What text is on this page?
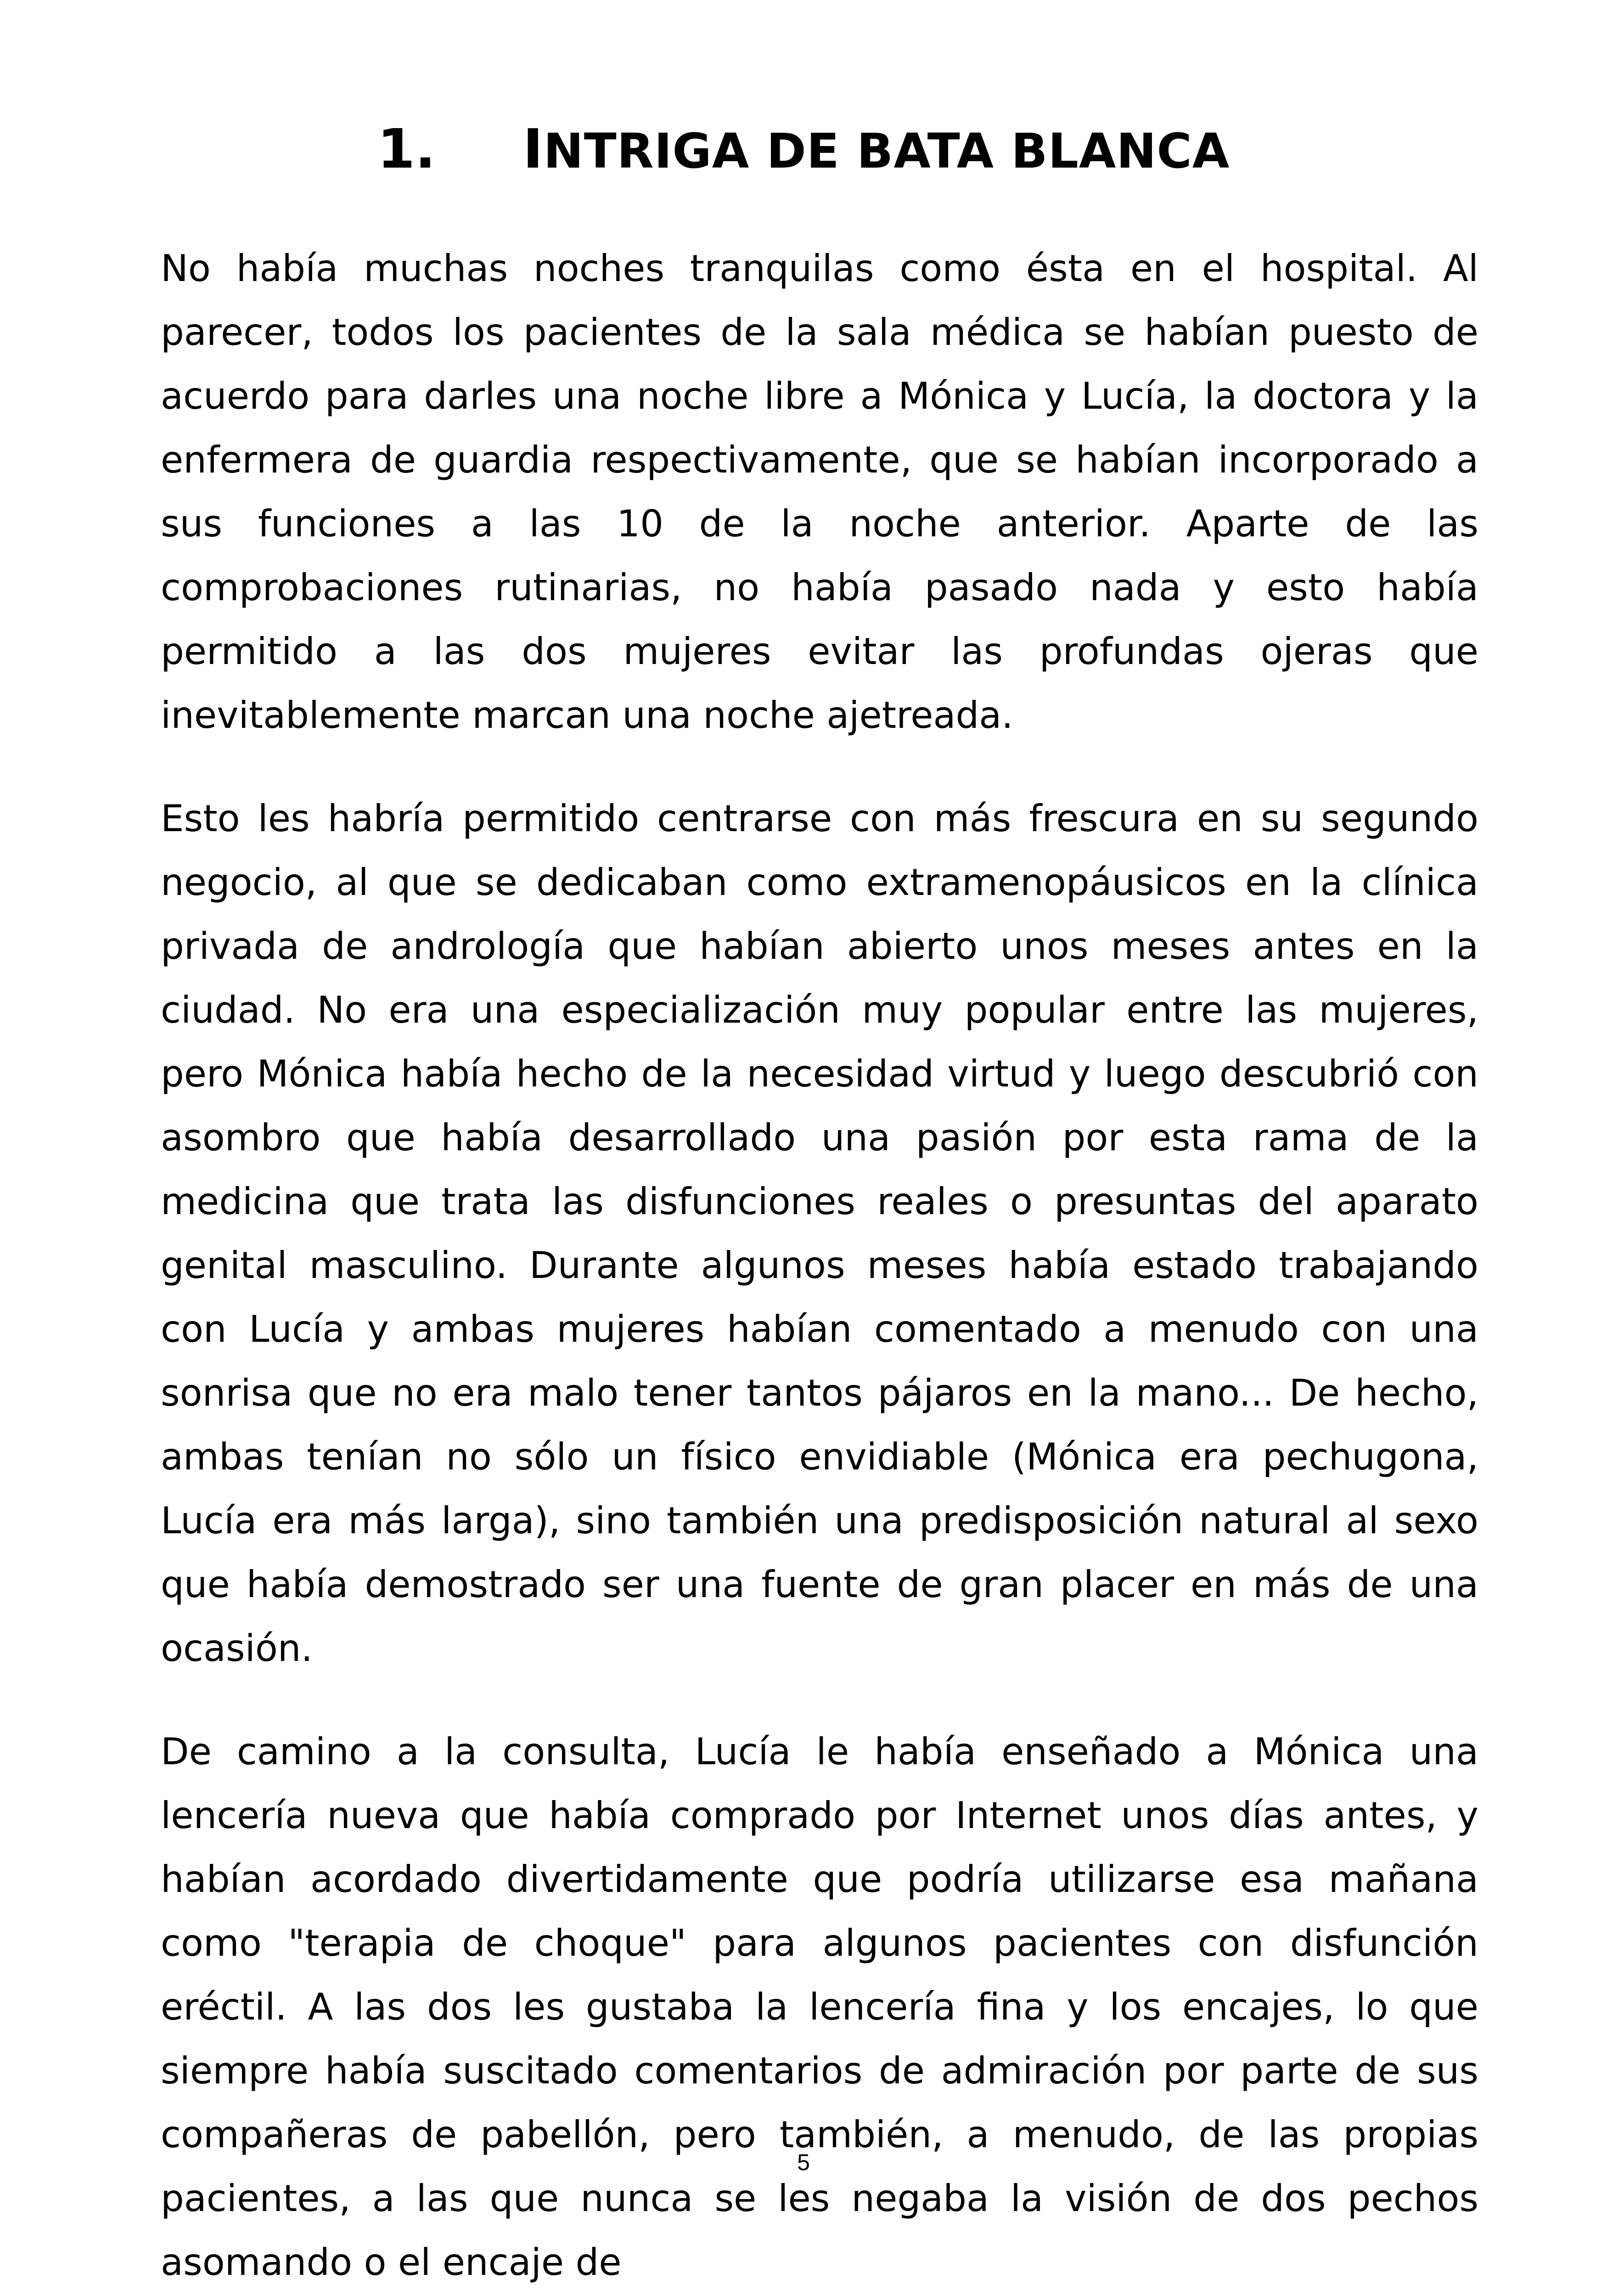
1. INTRIGA DE BATA BLANCA

No había muchas noches tranquilas como ésta en el hospital. Al parecer, todos los pacientes de la sala médica se habían puesto de acuerdo para darles una noche libre a Mónica y Lucía, la doctora y la enfermera de guardia respectivamente, que se habían incorporado a sus funciones a las 10 de la noche anterior. Aparte de las comprobaciones rutinarias, no había pasado nada y esto había permitido a las dos mujeres evitar las profundas ojeras que inevitablemente marcan una noche ajetreada.

Esto les habría permitido centrarse con más frescura en su segundo negocio, al que se dedicaban como extramenopáusicos en la clínica privada de andrología que habían abierto unos meses antes en la ciudad. No era una especialización muy popular entre las mujeres, pero Mónica había hecho de la necesidad virtud y luego descubrió con asombro que había desarrollado una pasión por esta rama de la medicina que trata las disfunciones reales o presuntas del aparato genital masculino. Durante algunos meses había estado trabajando con Lucía y ambas mujeres habían comentado a menudo con una sonrisa que no era malo tener tantos pájaros en la mano... De hecho, ambas tenían no sólo un físico envidiable (Mónica era pechugona, Lucía era más larga), sino también una predisposición natural al sexo que había demostrado ser una fuente de gran placer en más de una ocasión.

De camino a la consulta, Lucía le había enseñado a Mónica una lencería nueva que había comprado por Internet unos días antes, y habían acordado divertidamente que podría utilizarse esa mañana como "terapia de choque" para algunos pacientes con disfunción eréctil. A las dos les gustaba la lencería fina y los encajes, lo que siempre había suscitado comentarios de admiración por parte de sus compañeras de pabellón, pero también, a menudo, de las propias pacientes, a las que nunca se les negaba la visión de dos pechos asomando o el encaje de

5
